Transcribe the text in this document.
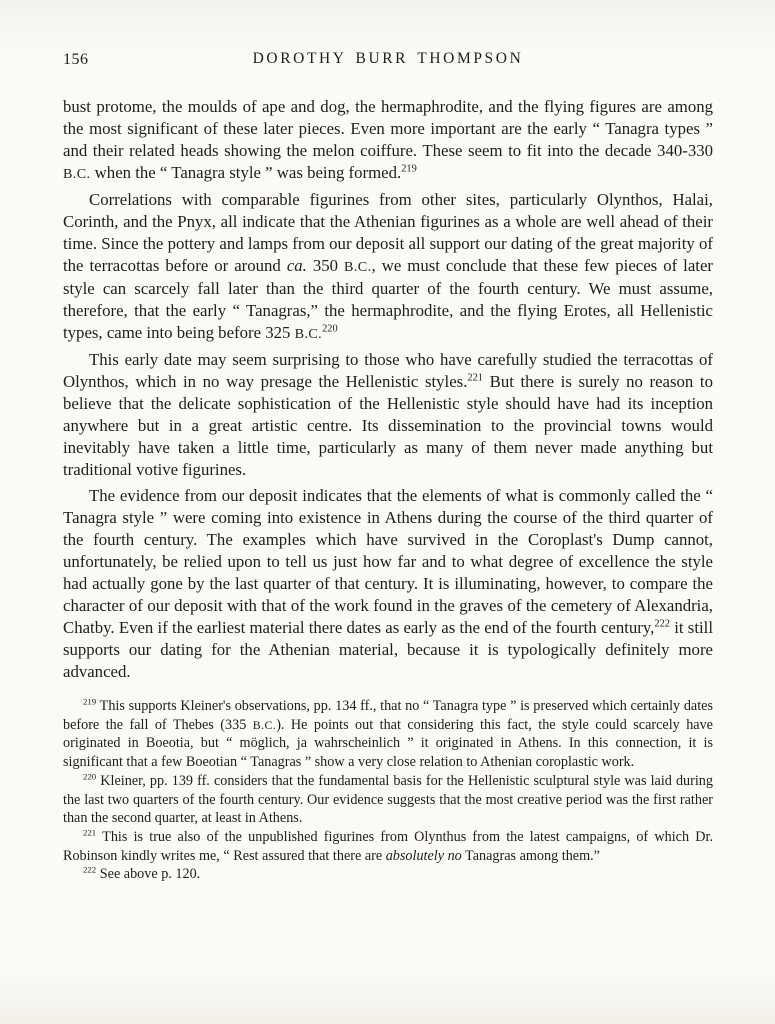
156	DOROTHY BURR THOMPSON

bust protome, the moulds of ape and dog, the hermaphrodite, and the flying figures are among the most significant of these later pieces. Even more important are the early “ Tanagra types ” and their related heads showing the melon coiffure. These seem to fit into the decade 340-330 B.C. when the “ Tanagra style ” was being formed.$^{219}$

Correlations with comparable figurines from other sites, particularly Olynthos, Halai, Corinth, and the Pnyx, all indicate that the Athenian figurines as a whole are well ahead of their time. Since the pottery and lamps from our deposit all support our dating of the great majority of the terracottas before or around ca. 350 B.C., we must conclude that these few pieces of later style can scarcely fall later than the third quarter of the fourth century. We must assume, therefore, that the early “ Tanagras,” the hermaphrodite, and the flying Erotes, all Hellenistic types, came into being before 325 B.C.$^{220}$

This early date may seem surprising to those who have carefully studied the terracottas of Olynthos, which in no way presage the Hellenistic styles.$^{221}$ But there is surely no reason to believe that the delicate sophistication of the Hellenistic style should have had its inception anywhere but in a great artistic centre. Its dissemination to the provincial towns would inevitably have taken a little time, particularly as many of them never made anything but traditional votive figurines.

The evidence from our deposit indicates that the elements of what is commonly called the “ Tanagra style ” were coming into existence in Athens during the course of the third quarter of the fourth century. The examples which have survived in the Coroplast's Dump cannot, unfortunately, be relied upon to tell us just how far and to what degree of excellence the style had actually gone by the last quarter of that century. It is illuminating, however, to compare the character of our deposit with that of the work found in the graves of the cemetery of Alexandria, Chatby. Even if the earliest material there dates as early as the end of the fourth century,$^{222}$ it still supports our dating for the Athenian material, because it is typologically definitely more advanced.

$^{219}$ This supports Kleiner's observations, pp. 134 ff., that no “ Tanagra type ” is preserved which certainly dates before the fall of Thebes (335 B.C.). He points out that considering this fact, the style could scarcely have originated in Boeotia, but “ möglich, ja wahrscheinlich ” it originated in Athens. In this connection, it is significant that a few Boeotian “ Tanagras ” show a very close relation to Athenian coroplastic work.

$^{220}$ Kleiner, pp. 139 ff. considers that the fundamental basis for the Hellenistic sculptural style was laid during the last two quarters of the fourth century. Our evidence suggests that the most creative period was the first rather than the second quarter, at least in Athens.

$^{221}$ This is true also of the unpublished figurines from Olynthus from the latest campaigns, of which Dr. Robinson kindly writes me, “ Rest assured that there are absolutely no Tanagras among them.”

$^{222}$ See above p. 120.
